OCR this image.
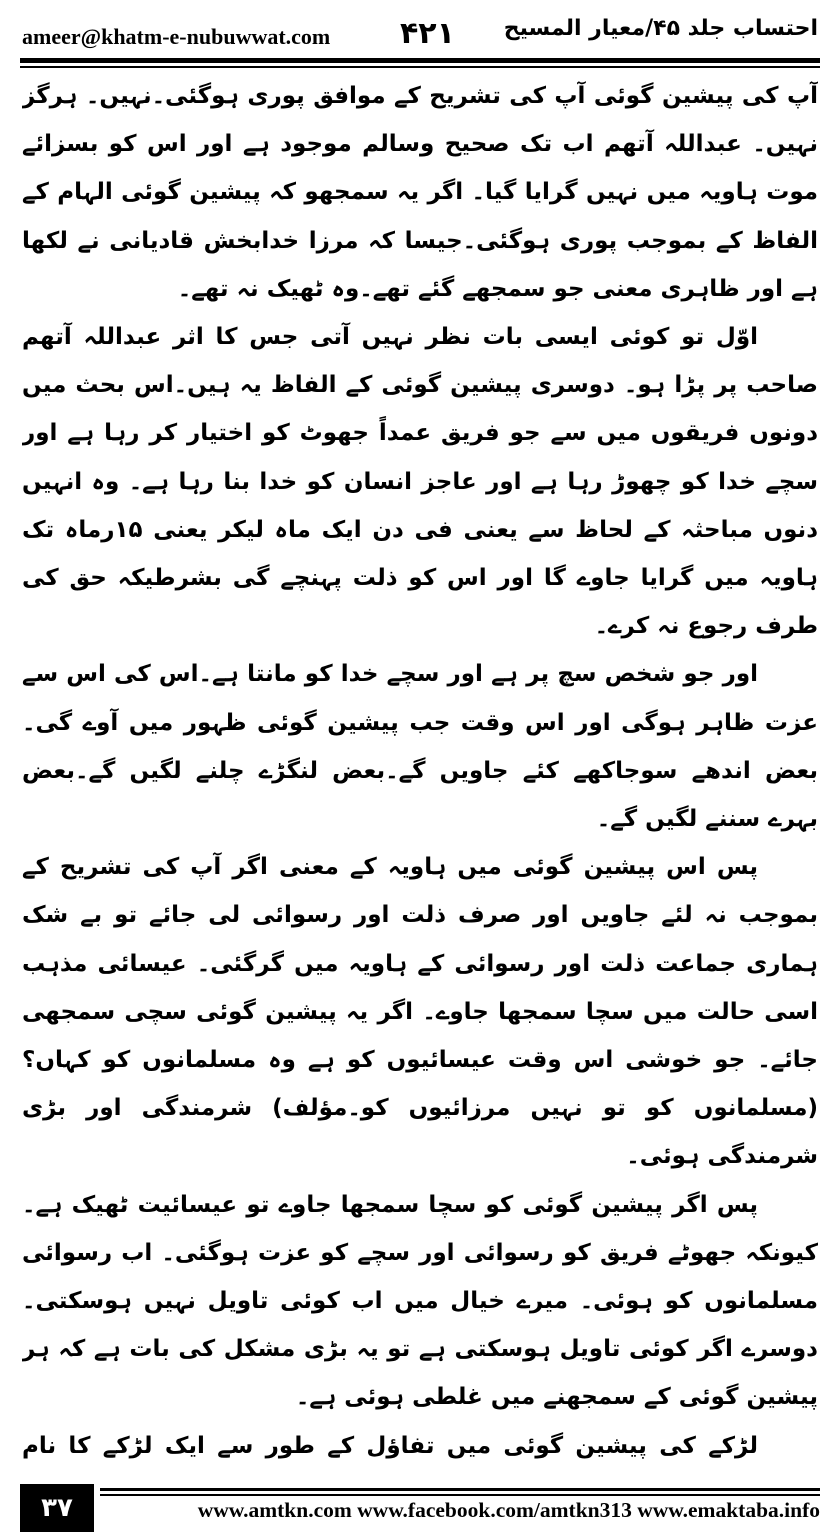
ameer@khatm-e-nubuwwat.com ۴۲۱ احتساب جلد ۴۵/معیار المسیح

آپ کی پیشین گوئی آپ کی تشریح کے موافق پوری ہوگئی۔نہیں۔ ہرگز نہیں۔ عبداللہ آتھم اب تک صحیح وسالم موجود ہے اور اس کو بسزائے موت ہاویہ میں نہیں گرایا گیا۔ اگر یہ سمجھو کہ پیشین گوئی الہام کے الفاظ کے بموجب پوری ہوگئی۔جیسا کہ مرزا خدابخش قادیانی نے لکھا ہے اور ظاہری معنی جو سمجھے گئے تھے۔وہ ٹھیک نہ تھے۔

اوّل تو کوئی ایسی بات نظر نہیں آتی جس کا اثر عبداللہ آتھم صاحب پر پڑا ہو۔ دوسری پیشین گوئی کے الفاظ یہ ہیں۔اس بحث میں دونوں فریقوں میں سے جو فریق عمداً جھوٹ کو اختیار کر رہا ہے اور سچے خدا کو چھوڑ رہا ہے اور عاجز انسان کو خدا بنا رہا ہے۔ وہ انہیں دنوں مباحثہ کے لحاظ سے یعنی فی دن ایک ماہ لیکر یعنی ۱۵رماہ تک ہاویہ میں گرایا جاوے گا اور اس کو ذلت پہنچے گی بشرطیکہ حق کی طرف رجوع نہ کرے۔

اور جو شخص سچ پر ہے اور سچے خدا کو مانتا ہے۔اس کی اس سے عزت ظاہر ہوگی اور اس وقت جب پیشین گوئی ظہور میں آوے گی۔بعض اندھے سوجاکھے کئے جاویں گے۔بعض لنگڑے چلنے لگیں گے۔بعض بہرے سننے لگیں گے۔

پس اس پیشین گوئی میں ہاویہ کے معنی اگر آپ کی تشریح کے بموجب نہ لئے جاویں اور صرف ذلت اور رسوائی لی جائے تو بے شک ہماری جماعت ذلت اور رسوائی کے ہاویہ میں گرگئی۔ عیسائی مذہب اسی حالت میں سچا سمجھا جاوے۔ اگر یہ پیشین گوئی سچی سمجھی جائے۔ جو خوشی اس وقت عیسائیوں کو ہے وہ مسلمانوں کو کہاں؟ (مسلمانوں کو تو نہیں مرزائیوں کو۔مؤلف) شرمندگی اور بڑی شرمندگی ہوئی۔

پس اگر پیشین گوئی کو سچا سمجھا جاوے تو عیسائیت ٹھیک ہے۔ کیونکہ جھوٹے فریق کو رسوائی اور سچے کو عزت ہوگئی۔ اب رسوائی مسلمانوں کو ہوئی۔ میرے خیال میں اب کوئی تاویل نہیں ہوسکتی۔ دوسرے اگر کوئی تاویل ہوسکتی ہے تو یہ بڑی مشکل کی بات ہے کہ ہر پیشین گوئی کے سمجھنے میں غلطی ہوئی ہے۔

لڑکے کی پیشین گوئی میں تفاؤل کے طور سے ایک لڑکے کا نام

۳۷	www.amtkn.com www.facebook.com/amtkn313 www.emaktaba.info
